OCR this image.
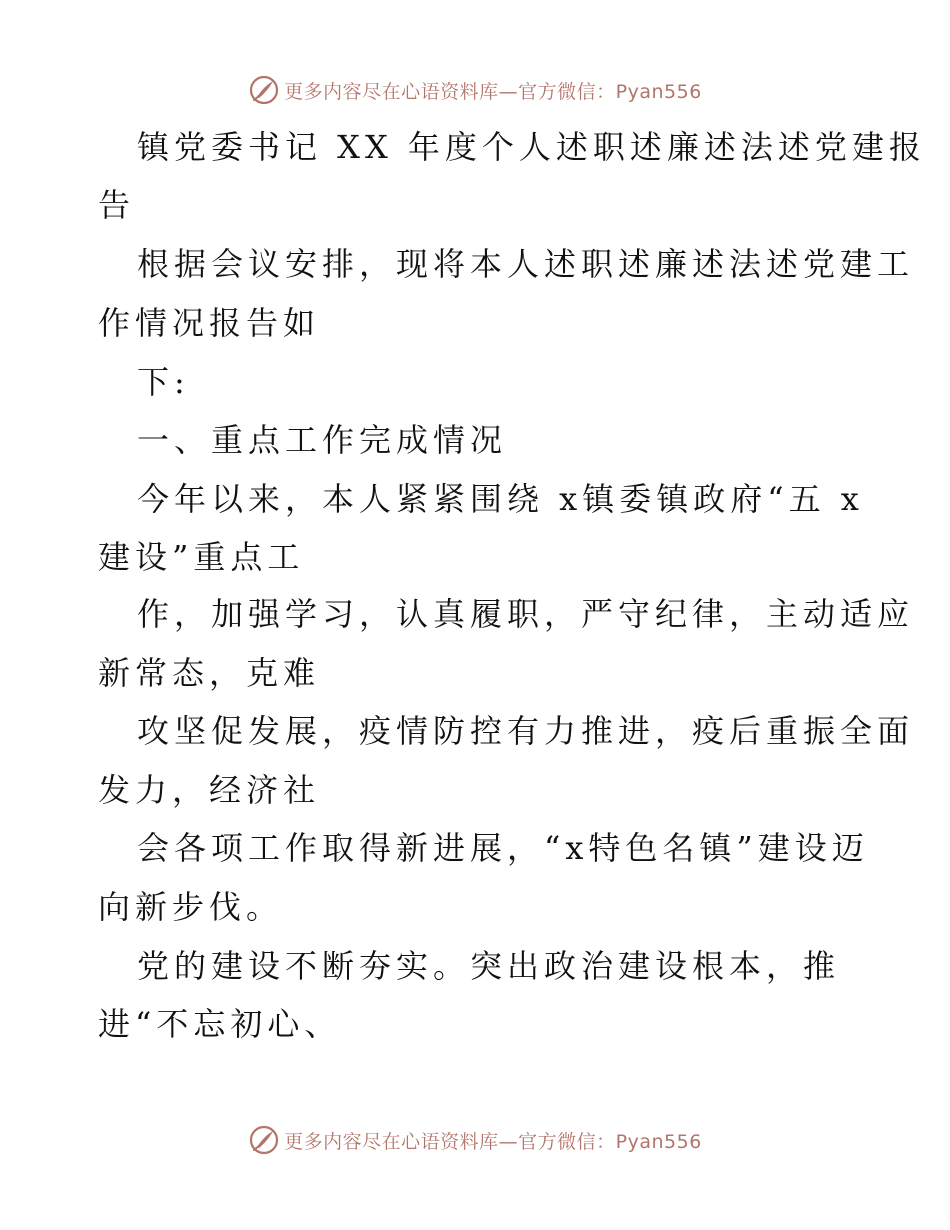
更多内容尽在心语资料库—官方微信：Pyan556
镇党委书记 XX 年度个人述职述廉述法述党建报
告
根据会议安排，现将本人述职述廉述法述党建工
作情况报告如
下:
一、重点工作完成情况
今年以来，本人紧紧围绕 x镇委镇政府“五 x
建设”重点工
作，加强学习，认真履职，严守纪律，主动适应
新常态，克难
攻坚促发展，疫情防控有力推进，疫后重振全面
发力，经济社
会各项工作取得新进展，“x特色名镇”建设迈
向新步伐。
党的建设不断夯实。突出政治建设根本，推
进“不忘初心、
更多内容尽在心语资料库—官方微信：Pyan556
